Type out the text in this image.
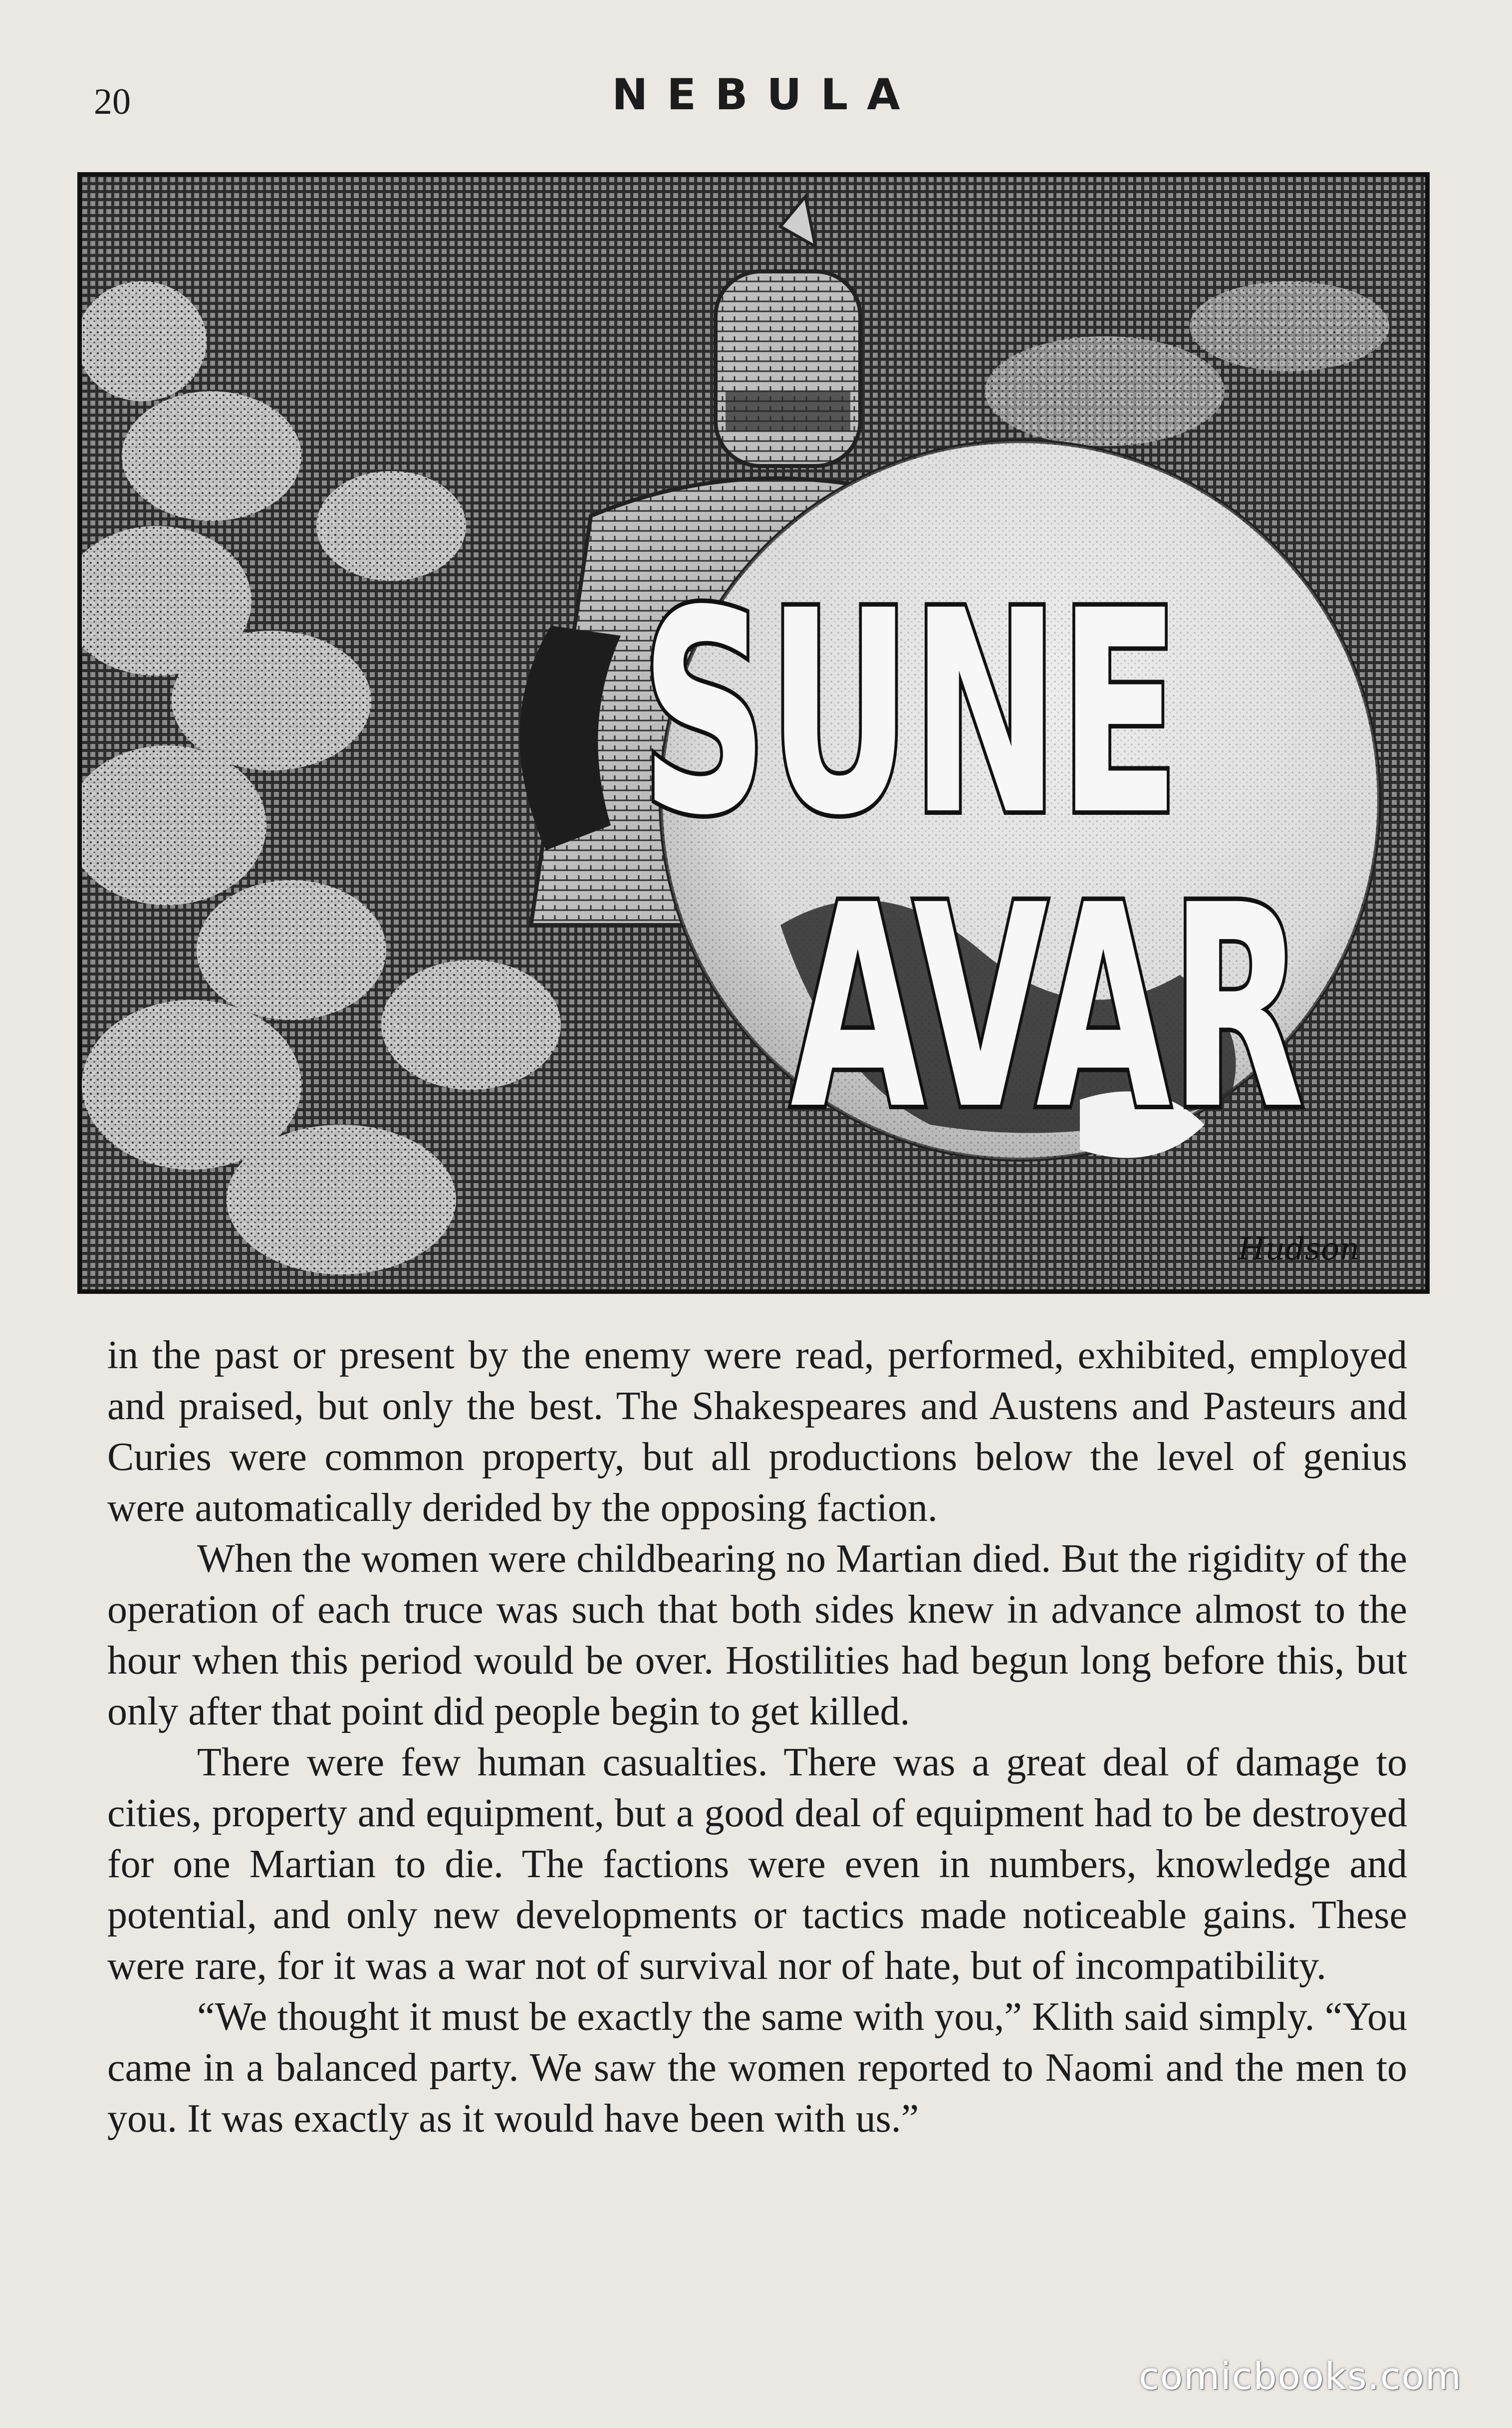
20	NEBULA
SUNE
AVAR
Hudson

in the past or present by the enemy were read, performed, exhibited, employed and praised, but only the best. The Shakespeares and Austens and Pasteurs and Curies were common property, but all productions below the level of genius were automatically derided by the opposing faction.

When the women were childbearing no Martian died. But the rigidity of the operation of each truce was such that both sides knew in advance almost to the hour when this period would be over. Hostilities had begun long before this, but only after that point did people begin to get killed.

There were few human casualties. There was a great deal of damage to cities, property and equipment, but a good deal of equipment had to be destroyed for one Martian to die. The factions were even in numbers, knowledge and potential, and only new developments or tactics made noticeable gains. These were rare, for it was a war not of survival nor of hate, but of incompatibility.

“We thought it must be exactly the same with you,” Klith said simply. “You came in a balanced party. We saw the women reported to Naomi and the men to you. It was exactly as it would have been with us.”

comicbooks.com
